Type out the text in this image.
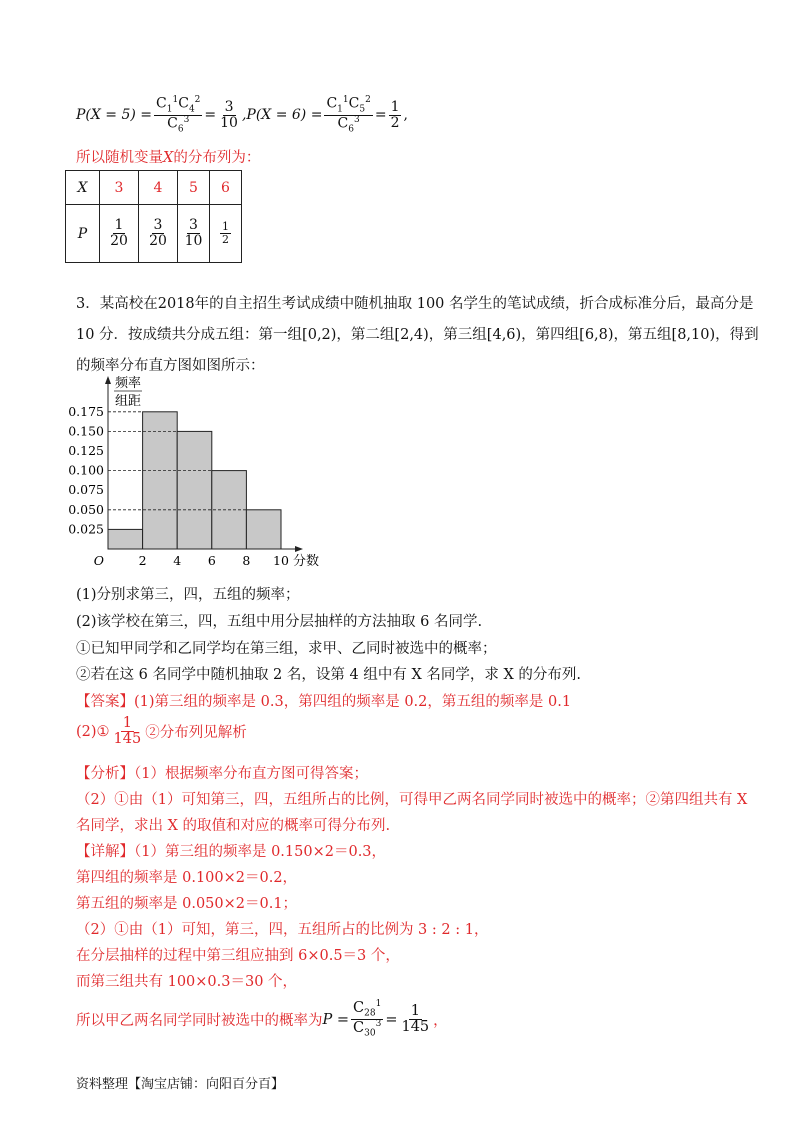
$P(X = 5) = \frac{C_1^1C_4^2}{C_6^3} = \frac{3}{10} ,P(X = 6) = \frac{C_1^1C_5^2}{C_6^3} = \frac{1}{2}$ ,
所以随机变量X的分布列为：
X	3	4	5	6
P	$\frac{1}{20}$	$\frac{3}{20}$	$\frac{3}{10}$	$\frac{1}{2}$
3．某高校在2018年的自主招生考试成绩中随机抽取 100 名学生的笔试成绩，折合成标准分后，最高分是
10 分．按成绩共分成五组：第一组[0,2)，第二组[2,4)，第三组[4,6)，第四组[6,8)，第五组[8,10)，得到
的频率分布直方图如图所示：
0.025
0.050
0.075
0.100
0.125
0.150
0.175
2 4 6 8 10
O	分数
频率
组距
(1)分别求第三，四，五组的频率；
(2)该学校在第三，四，五组中用分层抽样的方法抽取 6 名同学.
①已知甲同学和乙同学均在第三组，求甲、乙同时被选中的概率；
②若在这 6 名同学中随机抽取 2 名，设第 4 组中有 X 名同学，求 X 的分布列.
【答案】(1)第三组的频率是 0.3，第四组的频率是 0.2，第五组的频率是 0.1
(2)① $\frac{1}{145}$ ②分布列见解析
【分析】（1）根据频率分布直方图可得答案；
（2）①由（1）可知第三，四，五组所占的比例，可得甲乙两名同学同时被选中的概率；②第四组共有 X
名同学，求出 X 的取值和对应的概率可得分布列.
【详解】（1）第三组的频率是 0.150×2＝0.3，
第四组的频率是 0.100×2＝0.2，
第五组的频率是 0.050×2＝0.1；
（2）①由（1）可知，第三，四，五组所占的比例为 3 : 2 : 1，
在分层抽样的过程中第三组应抽到 6×0.5＝3 个，
而第三组共有 100×0.3＝30 个，
所以甲乙两名同学同时被选中的概率为 $P = \frac{C_{28}^1}{C_{30}^3} = \frac{1}{145}$ ，
资料整理【淘宝店铺：向阳百分百】
